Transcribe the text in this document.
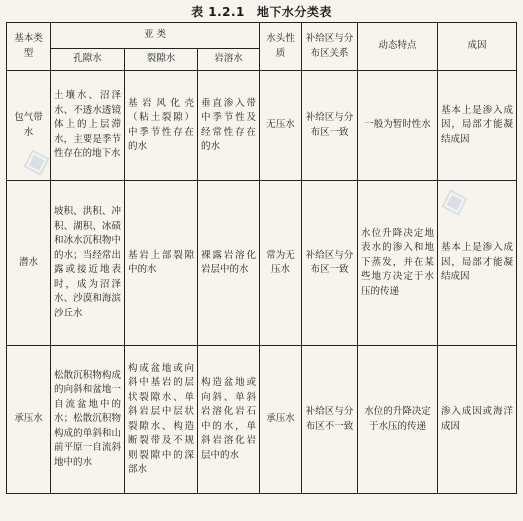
◈
◈
表 1.2.1 地下水分类表
基本类型	亚 类			水头性质	补给区与分布区关系	动态特点	成因
	孔隙水	裂隙水	岩溶水				
包气带水	土壤水、沼泽水、不透水透镜体上的上层滞水，主要是季节性存在的地下水	基岩风化壳（粘土裂隙）中季节性存在的水	垂直渗入带中季节性及经常性存在的水	无压水	补给区与分布区一致	一般为暂时性水	基本上是渗入成因，局部才能凝结成因
潜水	坡积、洪积、冲积、湖积、冰碛和冰水沉积物中的水；当经常出露或接近地表时，成为沼泽水、沙漠和海滨沙丘水	基岩上部裂隙中的水	裸露岩溶化岩层中的水	常为无压水	补给区与分布区一致	水位升降决定地表水的渗入和地下蒸发，并在某些地方决定于水压的传递	基本上是渗入成因，局部才能凝结成因
承压水	松散沉积物构成的向斜和盆地一自流盆地中的水；松散沉积物构成的单斜和山前平原一自流斜地中的水	构成盆地或向斜中基岩的层状裂隙水、单斜岩层中层状裂隙水、构造断裂带及不规则裂隙中的深部水	构造盆地或向斜、单斜岩溶化岩石中的水，单斜岩溶化岩层中的水	承压水	补给区与分布区不一致	水位的升降决定于水压的传递	渗入成因或海洋成因
